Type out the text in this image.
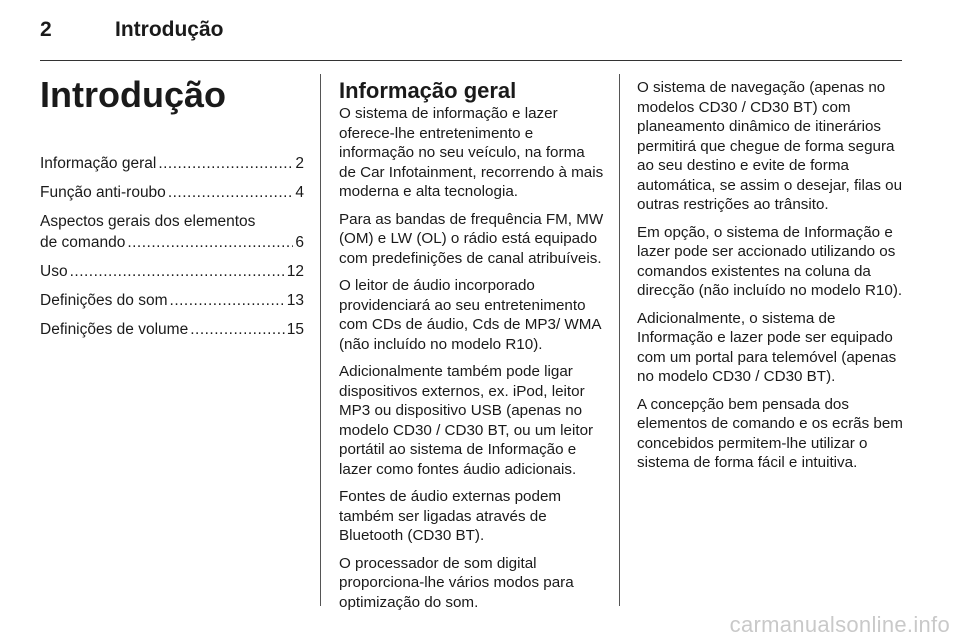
2	Introdução
Introdução
Informação geral .....	2
Função anti-roubo .....	4
Aspectos gerais dos elementos
de comando .....	6
Uso .....	12
Definições do som .....	13
Definições de volume .....	15
Informação geral

O sistema de informação e lazer oferece-lhe entretenimento e informação no seu veículo, na forma de Car Infotainment, recorrendo à mais moderna e alta tecnologia.

Para as bandas de frequência FM, MW (OM) e LW (OL) o rádio está equipado com predefinições de canal atribuíveis.

O leitor de áudio incorporado providenciará ao seu entretenimento com CDs de áudio, Cds de MP3/ WMA (não incluído no modelo R10).

Adicionalmente também pode ligar dispositivos externos, ex. iPod, leitor MP3 ou dispositivo USB (apenas no modelo CD30 / CD30 BT, ou um leitor portátil ao sistema de Informação e lazer como fontes áudio adicionais.

Fontes de áudio externas podem também ser ligadas através de Bluetooth (CD30 BT).

O processador de som digital proporciona-lhe vários modos para optimização do som.

O sistema de navegação (apenas no modelos CD30 / CD30 BT) com planeamento dinâmico de itinerários permitirá que chegue de forma segura ao seu destino e evite de forma automática, se assim o desejar, filas ou outras restrições ao trânsito.

Em opção, o sistema de Informação e lazer pode ser accionado utilizando os comandos existentes na coluna da direcção (não incluído no modelo R10).

Adicionalmente, o sistema de Informação e lazer pode ser equipado com um portal para telemóvel (apenas no modelo CD30 / CD30 BT).

A concepção bem pensada dos elementos de comando e os ecrãs bem concebidos permitem-lhe utilizar o sistema de forma fácil e intuitiva.

carmanualsonline.info
